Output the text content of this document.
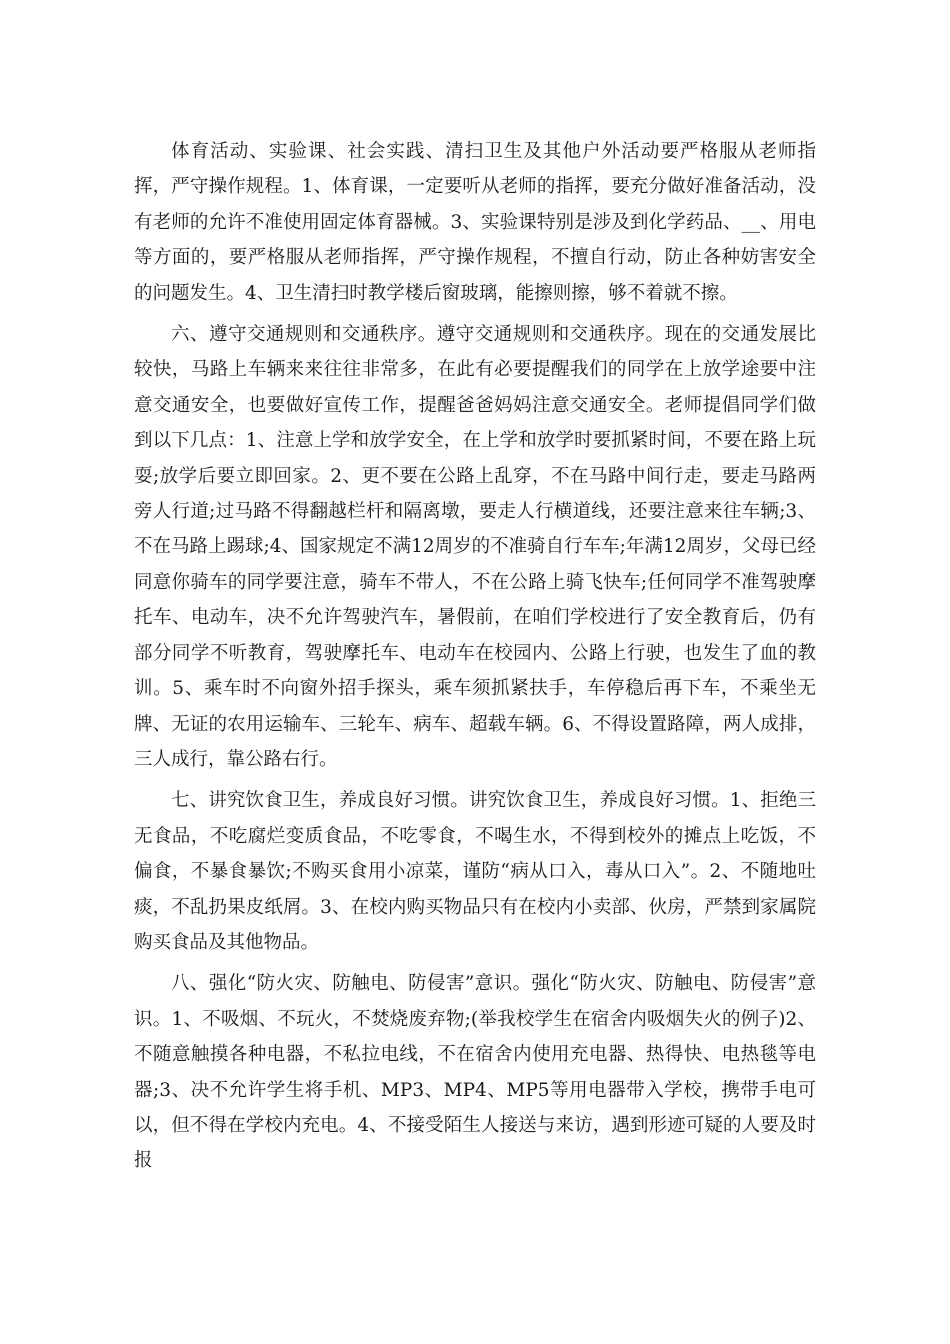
体育活动、实验课、社会实践、清扫卫生及其他户外活动要严格服从老师指挥，严守操作规程。1、体育课，一定要听从老师的指挥，要充分做好准备活动，没有老师的允许不准使用固定体育器械。3、实验课特别是涉及到化学药品、__、用电等方面的，要严格服从老师指挥，严守操作规程，不擅自行动，防止各种妨害安全的问题发生。4、卫生清扫时教学楼后窗玻璃，能擦则擦，够不着就不擦。

六、遵守交通规则和交通秩序。遵守交通规则和交通秩序。现在的交通发展比较快，马路上车辆来来往往非常多，在此有必要提醒我们的同学在上放学途要中注意交通安全，也要做好宣传工作，提醒爸爸妈妈注意交通安全。老师提倡同学们做到以下几点：1、注意上学和放学安全，在上学和放学时要抓紧时间，不要在路上玩耍;放学后要立即回家。2、更不要在公路上乱穿，不在马路中间行走，要走马路两旁人行道;过马路不得翻越栏杆和隔离墩，要走人行横道线，还要注意来往车辆;3、不在马路上踢球;4、国家规定不满12周岁的不准骑自行车车;年满12周岁，父母已经同意你骑车的同学要注意，骑车不带人，不在公路上骑飞快车;任何同学不准驾驶摩托车、电动车，决不允许驾驶汽车，暑假前，在咱们学校进行了安全教育后，仍有部分同学不听教育，驾驶摩托车、电动车在校园内、公路上行驶，也发生了血的教训。5、乘车时不向窗外招手探头，乘车须抓紧扶手，车停稳后再下车，不乘坐无牌、无证的农用运输车、三轮车、病车、超载车辆。6、不得设置路障，两人成排，三人成行，靠公路右行。

七、讲究饮食卫生，养成良好习惯。讲究饮食卫生，养成良好习惯。1、拒绝三无食品，不吃腐烂变质食品，不吃零食，不喝生水，不得到校外的摊点上吃饭，不偏食，不暴食暴饮;不购买食用小凉菜，谨防“病从口入，毒从口入”。2、不随地吐痰，不乱扔果皮纸屑。3、在校内购买物品只有在校内小卖部、伙房，严禁到家属院购买食品及其他物品。

八、强化“防火灾、防触电、防侵害”意识。强化“防火灾、防触电、防侵害”意识。1、不吸烟、不玩火，不焚烧废弃物;(举我校学生在宿舍内吸烟失火的例子)2、不随意触摸各种电器，不私拉电线，不在宿舍内使用充电器、热得快、电热毯等电器;3、决不允许学生将手机、MP3、MP4、MP5等用电器带入学校，携带手电可以，但不得在学校内充电。4、不接受陌生人接送与来访，遇到形迹可疑的人要及时报
